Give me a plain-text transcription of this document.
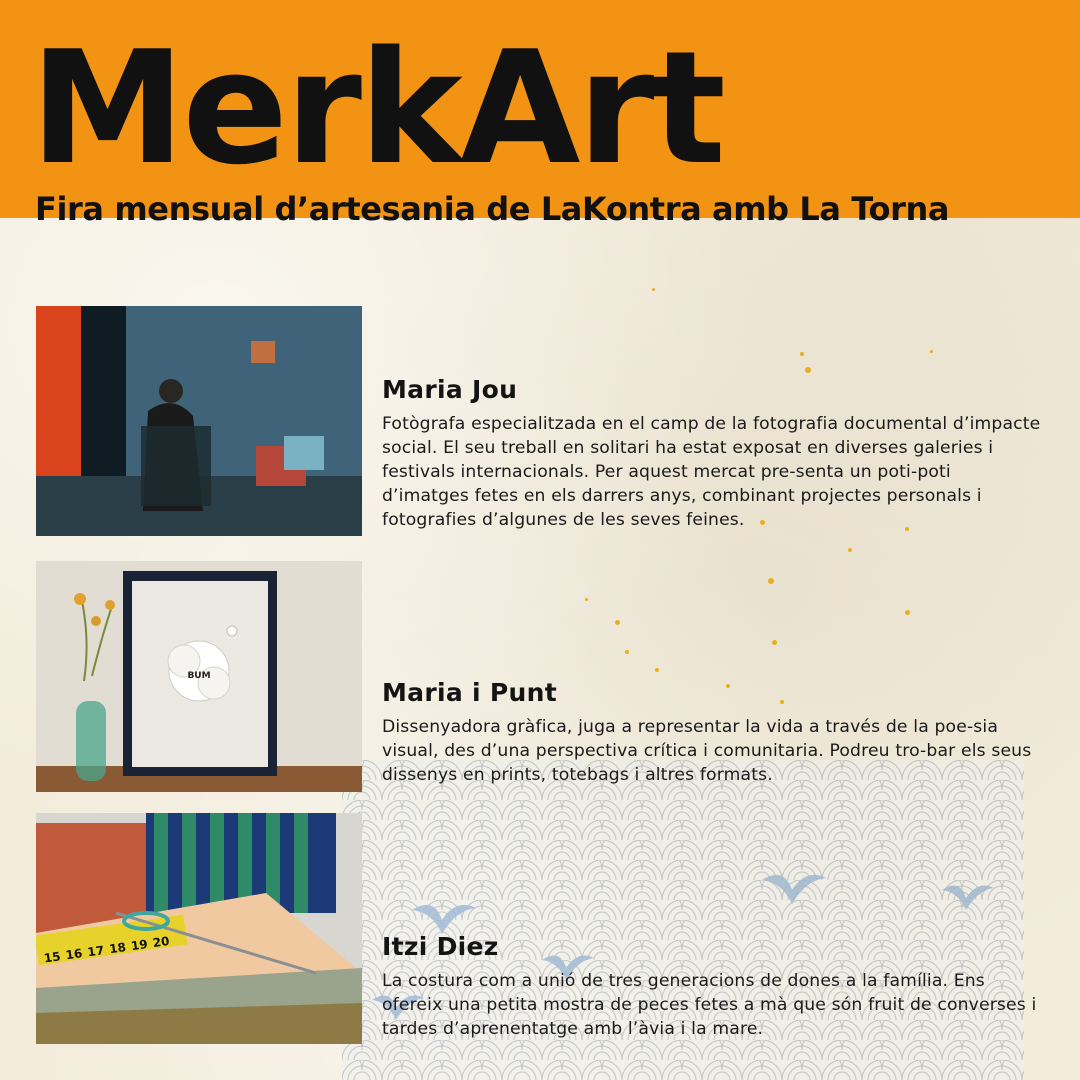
MerkArt

Fira mensual d’artesania de LaKontra amb La Torna

BUM
15 16 17 18 19 20
Maria Jou

Fotògrafa especialitzada en el camp de la fotografia documental d’impacte social. El seu treball en solitari ha estat exposat en diverses galeries i festivals internacionals. Per aquest mercat pre-senta un poti-poti d’imatges fetes en els darrers anys, combinant projectes personals i fotografies d’algunes de les seves feines.

Maria i Punt

Dissenyadora gràfica, juga a representar la vida a través de la poe-sia visual, des d’una perspectiva crítica i comunitaria. Podreu tro-bar els seus dissenys en prints, totebags i altres formats.

Itzi Diez

La costura com a unió de tres generacions de dones a la família. Ens ofereix una petita mostra de peces fetes a mà que són fruit de converses i tardes d’aprenentatge amb l’àvia i la mare.
